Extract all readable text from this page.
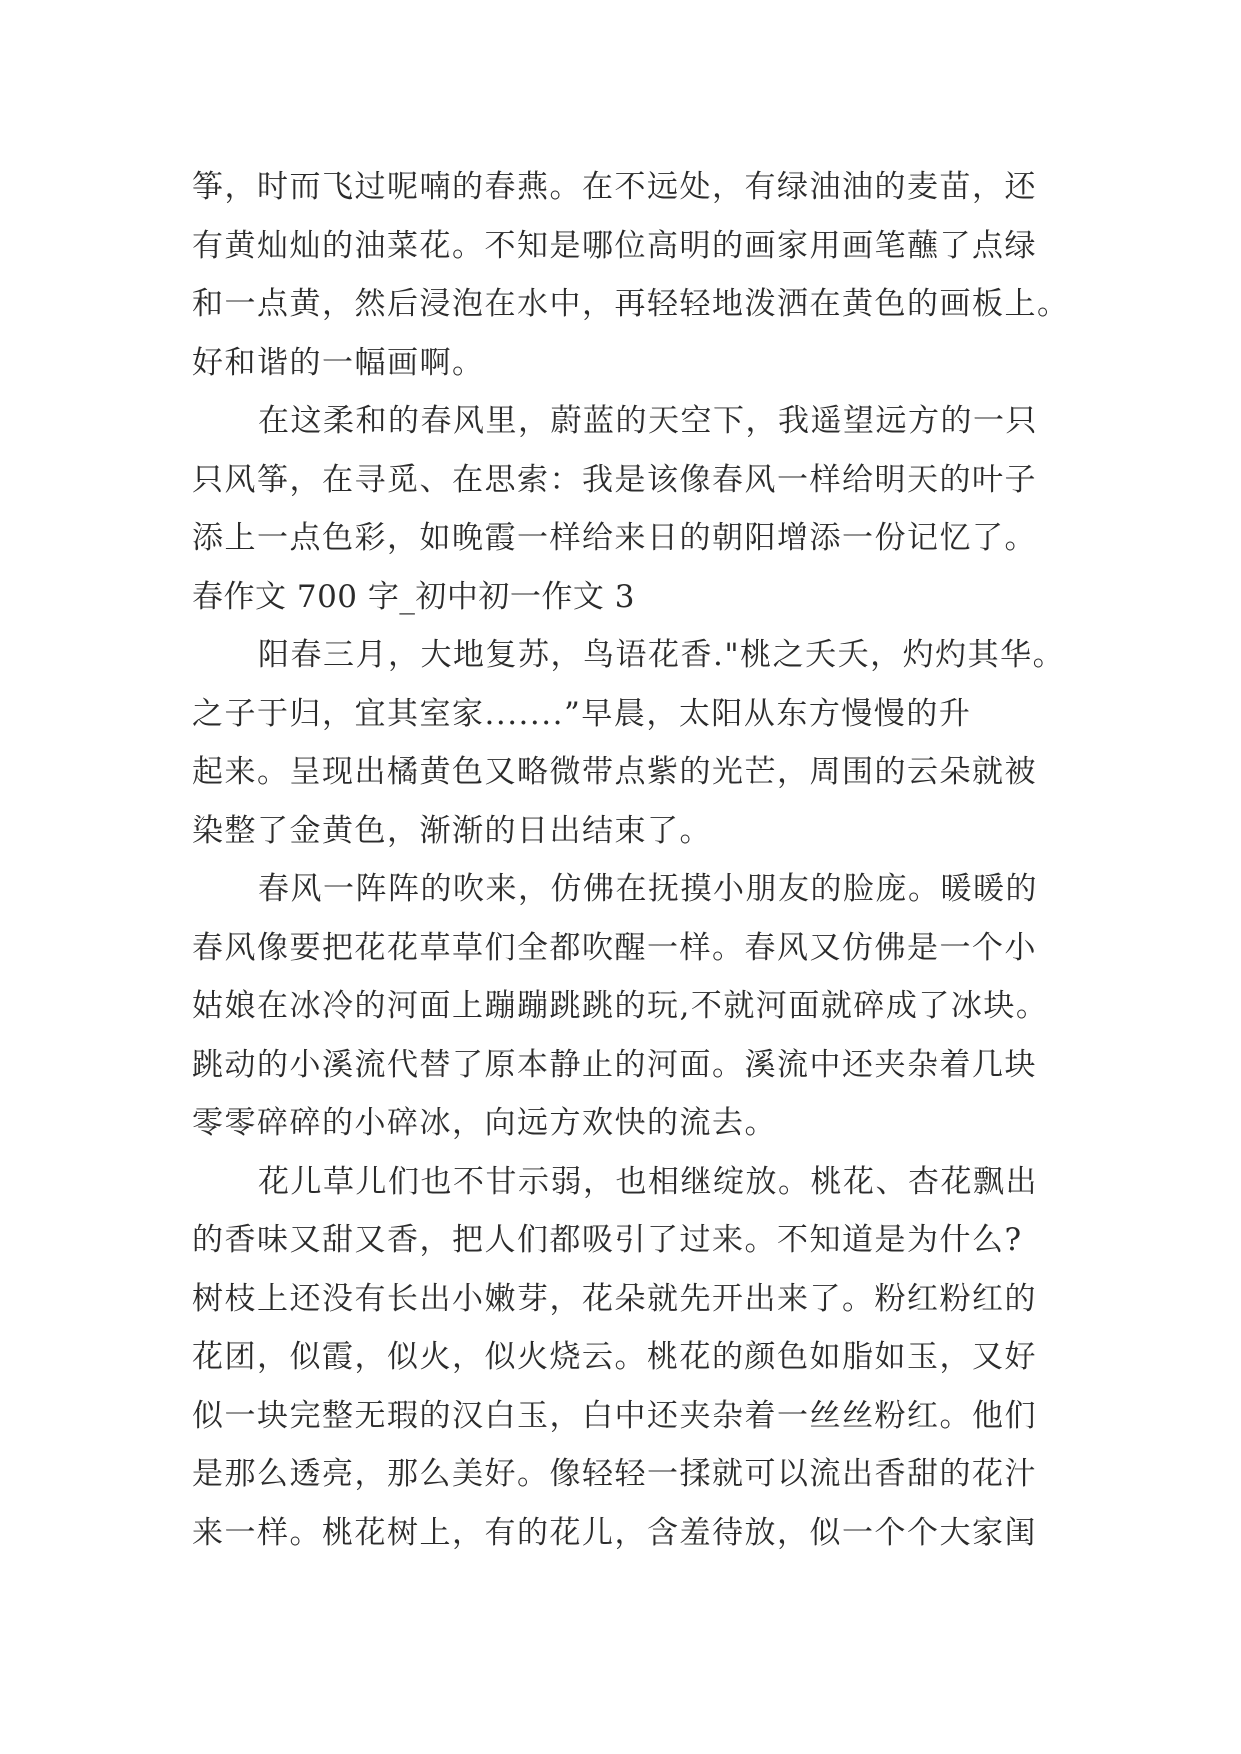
筝，时而飞过呢喃的春燕。在不远处，有绿油油的麦苗，还
有黄灿灿的油菜花。不知是哪位高明的画家用画笔蘸了点绿
和一点黄，然后浸泡在水中，再轻轻地泼洒在黄色的画板上。
好和谐的一幅画啊。
在这柔和的春风里，蔚蓝的天空下，我遥望远方的一只
只风筝，在寻觅、在思索：我是该像春风一样给明天的叶子
添上一点色彩，如晚霞一样给来日的朝阳增添一份记忆了。
春作文 700 字_初中初一作文 3
阳春三月，大地复苏，鸟语花香."桃之夭夭，灼灼其华。
之子于归，宜其室家.......”早晨，太阳从东方慢慢的升
起来。呈现出橘黄色又略微带点紫的光芒，周围的云朵就被
染整了金黄色，渐渐的日出结束了。
春风一阵阵的吹来，仿佛在抚摸小朋友的脸庞。暖暖的
春风像要把花花草草们全都吹醒一样。春风又仿佛是一个小
姑娘在冰冷的河面上蹦蹦跳跳的玩,不就河面就碎成了冰块。
跳动的小溪流代替了原本静止的河面。溪流中还夹杂着几块
零零碎碎的小碎冰，向远方欢快的流去。
花儿草儿们也不甘示弱，也相继绽放。桃花、杏花飘出
的香味又甜又香，把人们都吸引了过来。不知道是为什么?
树枝上还没有长出小嫩芽，花朵就先开出来了。粉红粉红的
花团，似霞，似火，似火烧云。桃花的颜色如脂如玉，又好
似一块完整无瑕的汉白玉，白中还夹杂着一丝丝粉红。他们
是那么透亮，那么美好。像轻轻一揉就可以流出香甜的花汁
来一样。桃花树上，有的花儿，含羞待放，似一个个大家闺
